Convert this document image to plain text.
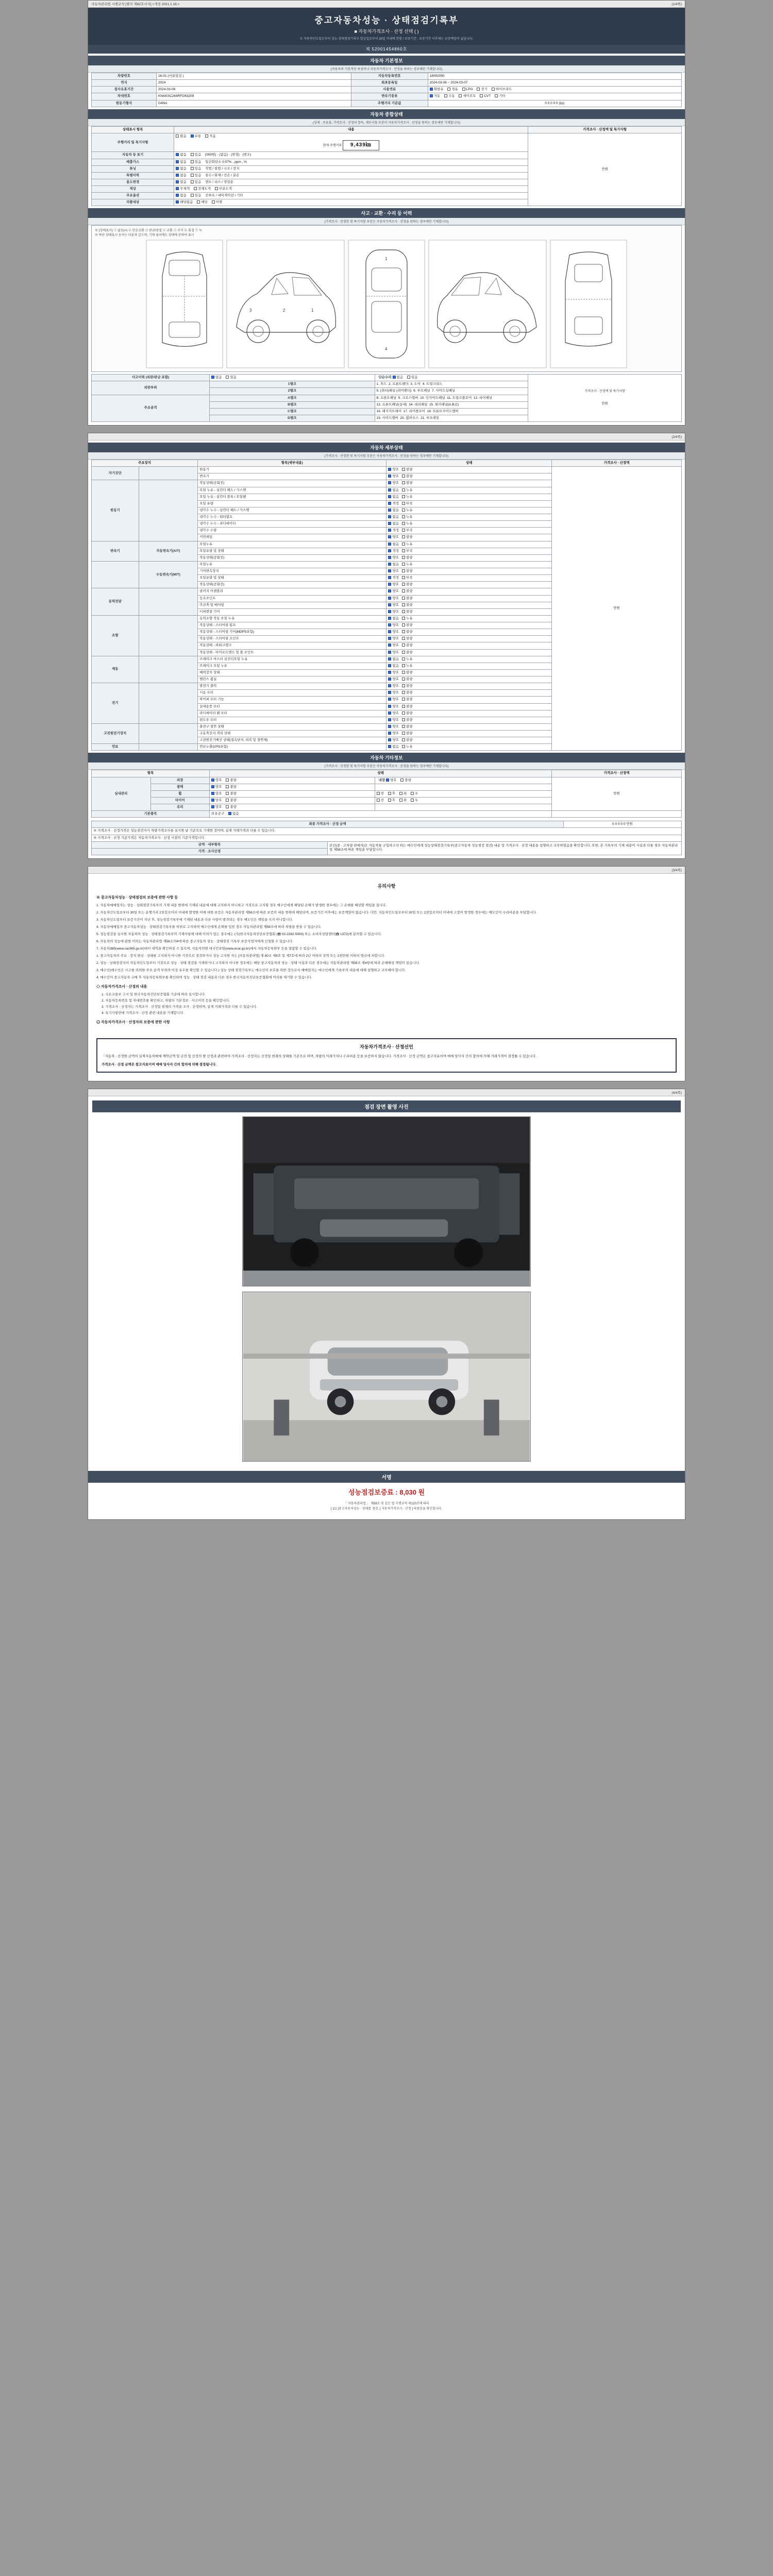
자동차관리법 시행규칙 [별지 제82호서식] <개정 2021.1.19.>	(1/4쪽)
중고자동차성능 · 상태점검기록부
■ 자동차가격조사 · 산정 선택 ( )
※ 자동차인도일로부터 성능·상태점검기록부 발급일로부터 30일 이내에 한함 / 보증기간 : 보증기간 이후에는 보증책임이 없습니다.
제 52001454860호
자동차 기본정보
(자동차의 기본적인 특성이나 자동차가격조사 · 산정을 하려는 경우에만 기재합니다)
차량번호	16-01 (서울앞길 )	자동차등록번호	18092050
연식	2024	최초등록일	2024-03-08 ~ 2024-03-07
검사유효기간	2024-03-08	사용연료	휘발유 경유 LPG 전기 하이브리드
차대번호	KNAKSC244RFG63209	변속기종류	자동 수동 세미오토 CVT 기타
원동기형식	G4NA	주행거리 기준값	0 0 0 0 0 (㎞)
자동차 종합상태
(상세 · 주유출, 가격조사 · 산정의 항목, 세부사항 부분이 자동차가격조사 · 산정을 원하는 경우에만 기재합니다)
상태표시 항목	내용	가격조사 · 산정액 및 특기사항
주행거리 및 특기사항	많음 보통 적음
현재 주행거리 9,439㎞	만원
자동차 등 표기	없음 있음 (000원) · (없음) · (변경) · (변조)	
배출가스	없음 있음 일산화탄소 0.07% , ppm , %	
튜닝	없음 있음 적법 / 불법 / 구조 / 장치	
특별이력	없음 있음 침수 / 화재 / 전손 / 분손	
용도변경	없음 있음 렌트 / 리스 / 영업용	
색상	무채색 전체도색 부분도색	
주요옵션	없음 있음 선루프 / 내비게이션 / 기타	
리콜대상	해당없음 해당 이행	
사고 · 교환 · 수리 등 이력
(가격조사 · 산정한 및 특기사항 부분은 자동차가격조사 · 산정을 원하는 경우에만 기재합니다)
※ (상태표시) ① 없음(×) ② 단순교환 ③ 판금/용접 ④ 교환 ⑤ 부식 ⑥ 흠집 ⑦ 녹
※ 하단 상태표시 숫자는 다음과 같으며, 기재 위치에도 상태에 준하여 표시
3	2	1
1
4
사고이력 (외판/판금 포함)	없음 있음	단순수리 없음 있음	가격조사 · 산정액 및 특기사항
만원

외판부위	1랭크	1. 후드 2. 프론트펜더 3. 도어 4. 트렁크리드	
	2랭크	5. (쿼터)패널 (리어펜더) 6. 루프패널 7. 사이드실패널	
주요골격	A랭크	8. 프론트패널 9. 크로스멤버 10. 인사이드패널 11. 트렁크플로어 12. 리어패널	
	B랭크	13. 프론트패널(실내) 14. 데쉬패널 15. 필러패널(A,B,C)	
	C랭크	16. 패키지트레이 17. 리어플로어 18. 프론트사이드멤버	
	D랭크	19. 사이드멤버 20. 휠하우스 21. 루프레일	
(2/4쪽)
자동차 세부상태
(가격조사 · 산정한 및 특기사항 부분은 자동차가격조사 · 산정을 원하는 경우에만 기재합니다)
주요장치		항목(세부내용)	상태	가격조사 · 산정액
자기진단		원동기	양호 불량	만원
		변속기	양호 불량	
원동기		작동상태(공회전)	양호 불량	
		오일 누유 - 실린더 헤드 / 가스켓	없음 누유	
		오일 누유 - 실린더 블록 / 오일팬	없음 누유	
		오일 유량	적정 부족	
		냉각수 누수 - 실린더 헤드 / 가스켓	없음 누유	
		냉각수 누수 - 워터펌프	없음 누유	
		냉각수 누수 - 라디에이터	없음 누유	
		냉각수 수량	적정 부족	
		커먼레일	양호 불량	
변속기	자동변속기(A/T)	오일누유	없음 누유	
		오일유량 및 상태	적정 부족	
		작동상태(공회전)	양호 불량	
	수동변속기(M/T)	오일누유	없음 누유	
		기어변속장치	양호 불량	
		오일유량 및 상태	적정 부족	
		작동상태(공회전)	양호 불량	
동력전달		클러치 어셈블리	양호 불량	
		등속조인트	양호 불량	
		추진축 및 베어링	양호 불량	
		디퍼렌셜 기어	양호 불량	
조향		동력조향 작동 오일 누유	없음 누유	
		작동상태 - 스티어링 펌프	양호 불량	
		작동상태 - 스티어링 기어(MDPS포함)	양호 불량	
		작동상태 - 스티어링 조인트	양호 불량	
		작동상태 - 파워크랭크	양호 불량	
		작동상태 - 타이로드엔드 및 볼 조인트	양호 불량	
제동		브레이크 마스터 실린더오일 누유	없음 누유	
		브레이크 오일 누유	없음 누유	
		배력장치 상태	양호 불량	
		밸런스 휠실	양호 불량	
전기		발전기 출력	양호 불량	
		시동 모터	양호 불량	
		와이퍼 모터 기능	양호 불량	
		실내송풍 모터	양호 불량	
		라디에이터 팬 모터	양호 불량	
		윈도우 모터	양호 불량	
고전원전기장치		충전구 절연 상태	양호 불량	
		구동축전지 격리 상태	양호 불량	
		고전원전기배선 상태(접속단자, 피복 및 절연체)	양호 불량	
연료		연료누출(LPG포함)	없음 누유	
자동차 기타정보
(가격조사 · 산정한 및 특기사항 부분은 자동차가격조사 · 산정을 원하는 경우에만 기재합니다)
항목		상태		가격조사 · 산정액
실내관리	외장	양호 불량	내장 양호 불량	만원
	광택	양호 불량		
	휠	양호 불량	전 후 좌 우	
	타이어	양호 불량	전 후 좌 우	
	유리	양호 불량		
기본품목		보유공구 없음		
최종 가격조사 · 산정 금액		0 0 0 0 0 만원
※ 가격조사 · 산정가격은 성능점검자가 차량가격조사를 실시한 날 기준으로 기재한 것이며, 실제 거래가격과 다를 수 있습니다.		
※ 가격조사 · 산정 기준가격은 자동차가격조사 · 산정 시점의 기준가격입니다.		
금액 · 내부항목	본인(중 · 고차량 판매자)은 자동차를 구입하고자 하는 매수인에게 성능상태점검기록부(중고자동차 성능점검 점검) 내용 및 가격조사 · 산정 내용을 설명하고 교부하였음을 확인합니다. 또한, 본 기록부의 기재 내용이 사실과 다를 경우 자동차관리법 제58조에 따른 책임을 부담합니다.	
가격 · 조사산정		
(3/4쪽)
유의사항
※ 중고자동차성능 · 상태점검의 보증에 관한 사항 등
1. 자동차매매업자는 성능 · 상태점검기록부의 기재 내용 범위에 기재된 내용에 대해 고지하지 아니하고 거짓으로 고지할 경우 매수인에게 해당된 손해가 발생한 경우에는 그 손해를 배상할 책임을 집니다.
2. 자동차인도일로부터 30일 또는 운행거리 2천킬로미터 이내에 발생한 이에 대한 보증은 자동차관리법 제58조에 따른 보증의 내용 범위에 해당되며, 보증기간 이후에는 보증책임이 없습니다. 다만, 자동차인도일로부터 30일 또는 2천킬로미터 이내에 고장이 발생한 경우에는 매도인이 수리비용을 부담합니다.
3. 자동차인도일부터 보증기간이 지난 후, 성능점검기록부에 기재된 내용과 다른 사항이 발견되는 경우 매도인은 책임을 지지 아니합니다.
4. 자동차매매업자 중고자동차성능 · 상태점검기록부를 허위로 고지하여 매수인에게 손해를 입힌 경우 자동차관리법 제58조에 따라 처벌을 받을 수 있습니다.
5. 성능점검을 실시한 자동차의 성능 · 상태점검기록부의 기재사항에 대해 이의가 있는 경우에는 (사)한국자동차진단보증협회 (☎ 02-2282-5000) 또는 소비자상담센터(☎ 1372)에 문의할 수 있습니다.
6. 자동차의 성능에 관한 이의는 자동차관리법 제58조의4에 따른 중고자동차 성능 · 상태점검 기록부 보증사업자에게 신청할 수 있습니다.
7. 자동차365(www.car365.go.kr)에서 내역을 확인하실 수 있으며, 자동차민원 대국민포털(www.ecar.go.kr)에서 자동차등록원부 등을 열람할 수 있습니다.
1. 중고자동차의 주요 · 장치 현상 · 상태를 고지하지 아니한 거짓으로 점검하거나 성능 고지한 자는 [자동차관리법] 제 80조 제6호 및 제7호에 따라 2년 이하의 징역 또는 2천만원 이하의 벌금에 처합니다.
2. 성능 · 상태점검자의 자동차인도일부터 거짓으로 성능 · 상태 점검을 기재하거나 고지하지 아니한 경우에는 해당 중고자동차의 성능 · 상태 사실과 다른 경우에는 자동차관리법 제58조 제4항에 따라 손해배상 책임이 있습니다.
3. 매수인(매수인은 시고를 의뢰한 주요 골격 부위의 이상 유무를 확인할 수 있습니다.) 성능 상태 점검기록부는 매수인의 보호를 위한 것으로서 매매업자는 매수인에게 기록부의 내용에 대해 설명하고 교부해야 합니다.
4. 매수인이 중고자동차 구매 후 자동차등록원부를 확인하여 성능 · 상태 점검 내용과 다른 경우 한국자동차진단보증협회에 이의를 제기할 수 있습니다.
◇ 자동차가격조사 · 산정의 내용
1. 국토교통부 고시 및 한국자동차진단보증협회 기준에 따라 실시합니다.
2. 자동차등록번호 및 차대번호를 확인하고, 차량의 기본정보 · 사고이력 등을 확인합니다.
3. 가격조사 · 산정자는 가격조사 · 산정일 현재의 가격을 조사 · 산정하며, 실제 거래가격과 다를 수 있습니다.
4. 특기사항란에 가격조사 · 산정 관련 내용을 기재합니다.
◎ 자동차가격조사 · 산정자의 보증에 관한 사항
자동차가격조사 · 산정선언
「자동차 · 산정한 금액의 실제자동차매매 계약금액 및 금전 및 산정의 발 산정과 관련하여 가격조사 · 산정자는 산정일 현재의 상태를 기준으로 하며, 차량의 미래가치나 수리비용 등을 보증하지 않습니다. 가격조사 · 산정 금액은 참고자료이며 매매 당사자 간의 합의에 의해 거래가격이 결정될 수 있습니다.
가격조사 · 산정 금액은 참고자료이며 매매 당사자 간의 합의에 의해 결정됩니다.
(4/4쪽)
점검 장면 촬영 사진
서명
성능점검보증료 : 8,030 원
「 자동차관리법 」 제58조 및 같은 법 시행규칙 제120조에 따라
[ 1/1 ]중고자동차성능 · 상태를 점검, [ 자동차가격조사 · 산정 ] 하였음을 확인합니다.
